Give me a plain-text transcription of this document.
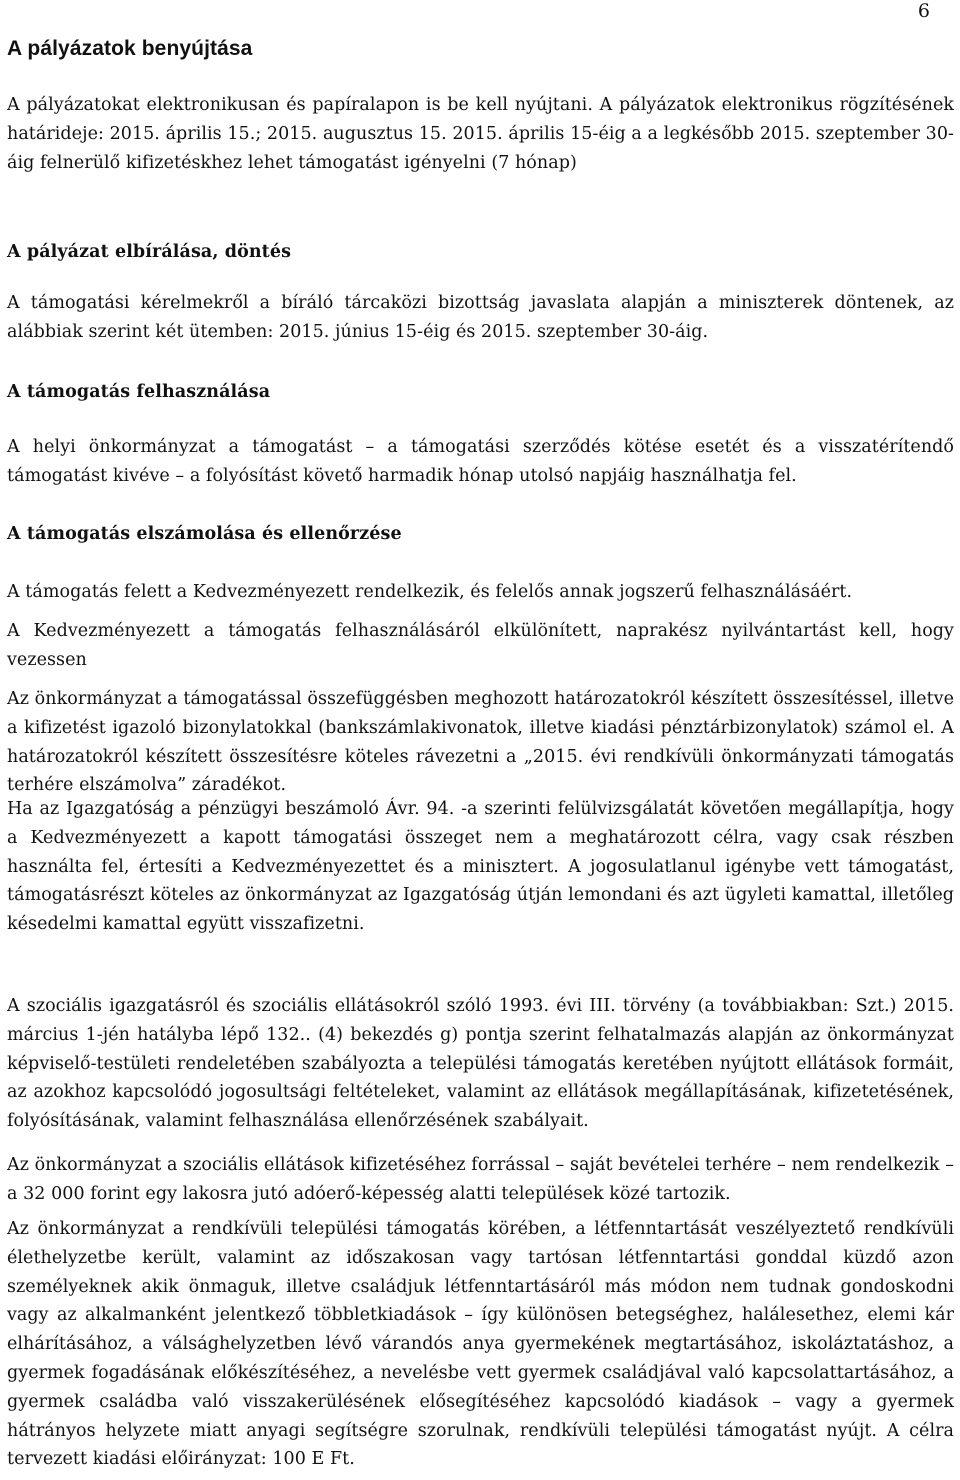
6
A pályázatok benyújtása

A pályázatokat elektronikusan és papíralapon is be kell nyújtani. A pályázatok elektronikus rögzítésének határideje: 2015. április 15.; 2015. augusztus 15. 2015. április 15-éig a a legkésőbb 2015. szeptember 30-áig felnerülő kifizetéskhez lehet támogatást igényelni (7 hónap)

A pályázat elbírálása, döntés

A támogatási kérelmekről a bíráló tárcaközi bizottság javaslata alapján a miniszterek döntenek, az alábbiak szerint két ütemben: 2015. június 15-éig és 2015. szeptember 30-áig.

A támogatás felhasználása

A helyi önkormányzat a támogatást – a támogatási szerződés kötése esetét és a visszatérítendő támogatást kivéve – a folyósítást követő harmadik hónap utolsó napjáig használhatja fel.

A támogatás elszámolása és ellenőrzése

A támogatás felett a Kedvezményezett rendelkezik, és felelős annak jogszerű felhasználásáért.

A Kedvezményezett a támogatás felhasználásáról elkülönített, naprakész nyilvántartást kell, hogy vezessen

Az önkormányzat a támogatással összefüggésben meghozott határozatokról készített összesítéssel, illetve a kifizetést igazoló bizonylatokkal (bankszámlakivonatok, illetve kiadási pénztárbizonylatok) számol el. A határozatokról készített összesítésre köteles rávezetni a „2015. évi rendkívüli önkormányzati támogatás terhére elszámolva” záradékot.

Ha az Igazgatóság a pénzügyi beszámoló Ávr. 94. -a szerinti felülvizsgálatát követően megállapítja, hogy a Kedvezményezett a kapott támogatási összeget nem a meghatározott célra, vagy csak részben használta fel, értesíti a Kedvezményezettet és a minisztert. A jogosulatlanul igénybe vett támogatást, támogatásrészt köteles az önkormányzat az Igazgatóság útján lemondani és azt ügyleti kamattal, illetőleg késedelmi kamattal együtt visszafizetni.

A szociális igazgatásról és szociális ellátásokról szóló 1993. évi III. törvény (a továbbiakban: Szt.) 2015. március 1-jén hatályba lépő 132.. (4) bekezdés g) pontja szerint felhatalmazás alapján az önkormányzat képviselő-testületi rendeletében szabályozta a települési támogatás keretében nyújtott ellátások formáit, az azokhoz kapcsolódó jogosultsági feltételeket, valamint az ellátások megállapításának, kifizetetésének, folyósításának, valamint felhasználása ellenőrzésének szabályait.

Az önkormányzat a szociális ellátások kifizetéséhez forrással – saját bevételei terhére – nem rendelkezik – a 32 000 forint egy lakosra jutó adóerő-képesség alatti települések közé tartozik.

Az önkormányzat a rendkívüli települési támogatás körében, a létfenntartását veszélyeztető rendkívüli élethelyzetbe került, valamint az időszakosan vagy tartósan létfenntartási gonddal küzdő azon személyeknek akik önmaguk, illetve családjuk létfenntartásáról más módon nem tudnak gondoskodni vagy az alkalmanként jelentkező többletkiadások – így különösen betegséghez, halálesethez, elemi kár elhárításához, a válsághelyzetben lévő várandós anya gyermekének megtartásához, iskoláztatáshoz, a gyermek fogadásának előkészítéséhez, a nevelésbe vett gyermek családjával való kapcsolattartásához, a gyermek családba való visszakerülésének elősegítéséhez kapcsolódó kiadások – vagy a gyermek hátrányos helyzete miatt anyagi segítségre szorulnak, rendkívüli települési támogatást nyújt. A célra tervezett kiadási előirányzat: 100 E Ft.
